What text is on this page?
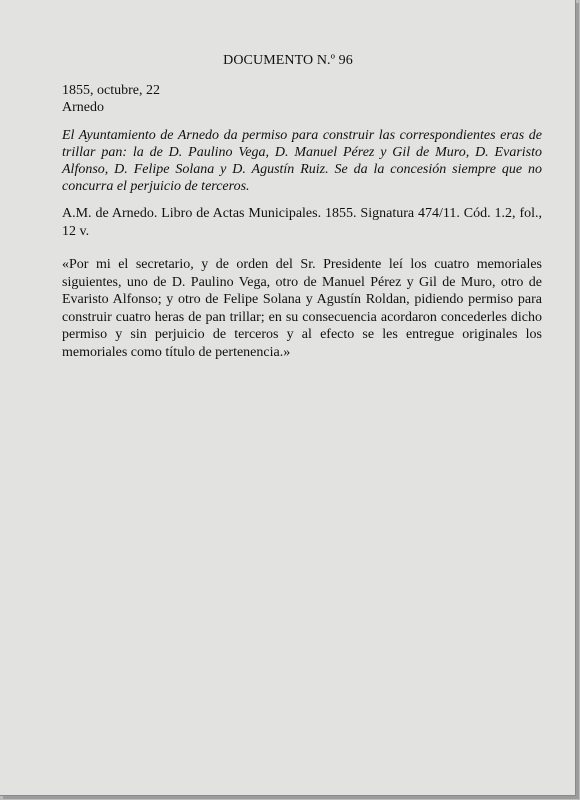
DOCUMENTO N.º 96
1855, octubre, 22
Arnedo
El Ayuntamiento de Arnedo da permiso para construir las correspondientes eras de trillar pan: la de D. Paulino Vega, D. Manuel Pérez y Gil de Muro, D. Evaristo Alfonso, D. Felipe Solana y D. Agustín Ruiz. Se da la concesión siempre que no concurra el perjuicio de terceros.
A.M. de Arnedo. Libro de Actas Municipales. 1855. Signatura 474/11. Cód. 1.2, fol., 12 v.
«Por mi el secretario, y de orden del Sr. Presidente leí los cuatro memoriales siguientes, uno de D. Paulino Vega, otro de Manuel Pérez y Gil de Muro, otro de Evaristo Alfonso; y otro de Felipe Solana y Agustín Roldan, pidiendo permiso para construir cuatro heras de pan trillar; en su consecuencia acordaron concederles dicho permiso y sin perjuicio de terceros y al efecto se les entregue originales los memoriales como título de pertenencia.»
